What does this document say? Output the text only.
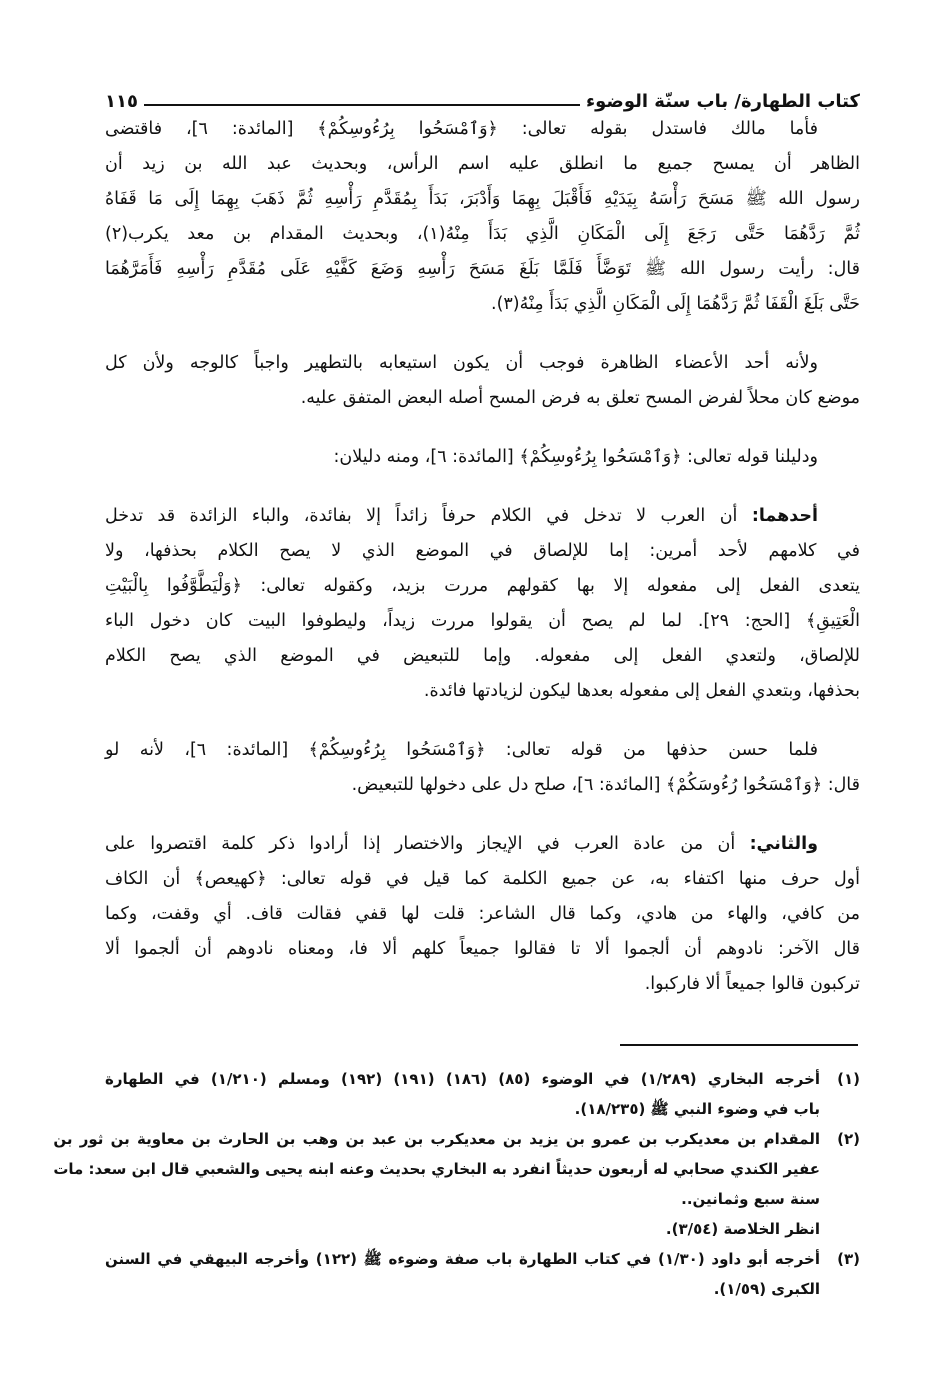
كتاب الطهارة/ باب سنّة الوضوء
١١٥
فأما مالك فاستدل بقوله تعالى: ﴿وَٱمْسَحُوا بِرُءُوسِكُمْ﴾ [المائدة: ٦]، فاقتضى
الظاهر أن يمسح جميع ما انطلق عليه اسم الرأس، وبحديث عبد الله بن زيد أن
رسول الله ﷺ مَسَحَ رَأْسَهُ بِيَدَيْهِ فَأَقْبَلَ بِهِمَا وَأَدْبَرَ، بَدَأَ بِمُقَدَّمِ رَأْسِهِ ثُمَّ ذَهَبَ بِهِمَا إِلَى مَا قَفَاهُ
ثُمَّ رَدَّهُمَا حَتَّى رَجَعَ إِلَى الْمَكَانِ الَّذِي بَدَأَ مِنْهُ(١)، وبحديث المقدام بن معد يكرب(٢)
قال: رأيت رسول الله ﷺ تَوَضَّأَ فَلَمَّا بَلَغَ مَسَحَ رَأْسِهِ وَضَعَ كَفَّيْهِ عَلَى مُقَدَّمِ رَأْسِهِ فَأَمَرَّهُمَا
حَتَّى بَلَغَ الْقَفَا ثُمَّ رَدَّهُمَا إِلَى الْمَكَانِ الَّذِي بَدَأَ مِنْهُ(٣).
ولأنه أحد الأعضاء الظاهرة فوجب أن يكون استيعابه بالتطهير واجباً كالوجه ولأن كل
موضع كان محلاً لفرض المسح تعلق به فرض المسح أصله البعض المتفق عليه.
ودليلنا قوله تعالى: ﴿وَٱمْسَحُوا بِرُءُوسِكُمْ﴾ [المائدة: ٦]، ومنه دليلان:
أحدهما: أن العرب لا تدخل في الكلام حرفاً زائداً إلا بفائدة، والباء الزائدة قد تدخل
في كلامهم لأحد أمرين: إما للإلصاق في الموضع الذي لا يصح الكلام بحذفها، ولا
يتعدى الفعل إلى مفعوله إلا بها كقولهم مررت بزيد، وكقوله تعالى: ﴿وَلْيَطَّوَّفُوا بِالْبَيْتِ
الْعَتِيقِ﴾ [الحج: ٢٩]. لما لم يصح أن يقولوا مررت زيداً، وليطوفوا البيت كان دخول الباء
للإلصاق، ولتعدي الفعل إلى مفعوله. وإما للتبعيض في الموضع الذي يصح الكلام
بحذفها، وبتعدي الفعل إلى مفعوله بعدها ليكون لزيادتها فائدة.
فلما حسن حذفها من قوله تعالى: ﴿وَٱمْسَحُوا بِرُءُوسِكُمْ﴾ [المائدة: ٦]، لأنه لو
قال: ﴿وَٱمْسَحُوا رُءُوسَكُمْ﴾ [المائدة: ٦]، صلح دل على دخولها للتبعيض.
والثاني: أن من عادة العرب في الإيجاز والاختصار إذا أرادوا ذكر كلمة اقتصروا على
أول حرف منها اكتفاء به، عن جميع الكلمة كما قيل في قوله تعالى: ﴿كهيعص﴾ أن الكاف
من كافي، والهاء من هادي، وكما قال الشاعر: قلت لها قفي فقالت قاف. أي وقفت، وكما
قال الآخر: نادوهم أن ألجموا ألا تا فقالوا جميعاً كلهم ألا فا، ومعناه نادوهم أن ألجموا ألا
تركبون قالوا جميعاً ألا فاركبوا.
(١)
أخرجه البخاري (١/٢٨٩) في الوضوء (٨٥) (١٨٦) (١٩١) (١٩٢) ومسلم (١/٢١٠) في الطهارة
باب في وضوء النبي ﷺ (١٨/٢٣٥).
(٢)
المقدام بن معديكرب بن عمرو بن يزيد بن معديكرب بن عبد بن وهب بن الحارث بن معاوية بن ثور بن
عفير الكندي صحابي له أربعون حديثاً انفرد به البخاري بحديث وعنه ابنه يحيى والشعبي قال ابن سعد: مات
سنة سبع وثمانين..
انظر الخلاصة (٣/٥٤).
(٣)
أخرجه أبو داود (١/٣٠) في كتاب الطهارة باب صفة وضوءه ﷺ (١٢٢) وأخرجه البيهقي في السنن
الكبرى (١/٥٩).
